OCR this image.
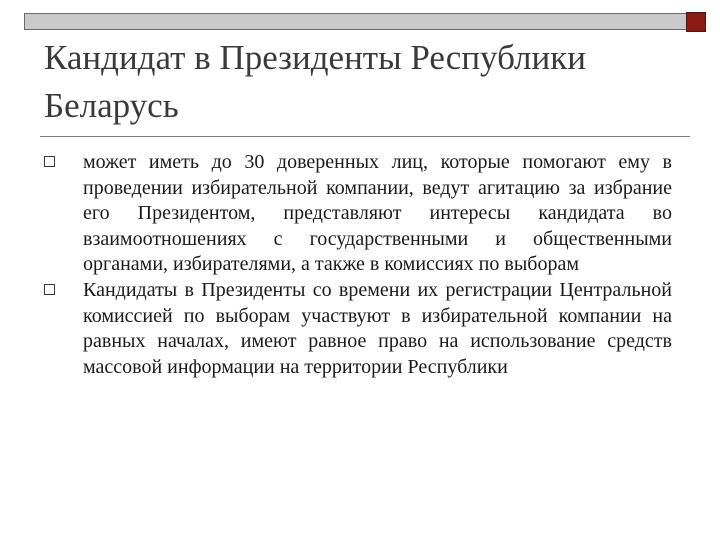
Кандидат в Президенты Республики Беларусь
может иметь до 30 доверенных лиц, которые помогают ему в проведении избирательной компании, ведут агитацию за избрание его Президентом, представляют интересы кандидата во взаимоотношениях с государственными и общественными органами, избирателями, а также в комиссиях по выборам
Кандидаты в Президенты со времени их регистрации Центральной комиссией по выборам участвуют в избирательной компании на равных началах, имеют равное право на использование средств массовой информации на территории Республики
